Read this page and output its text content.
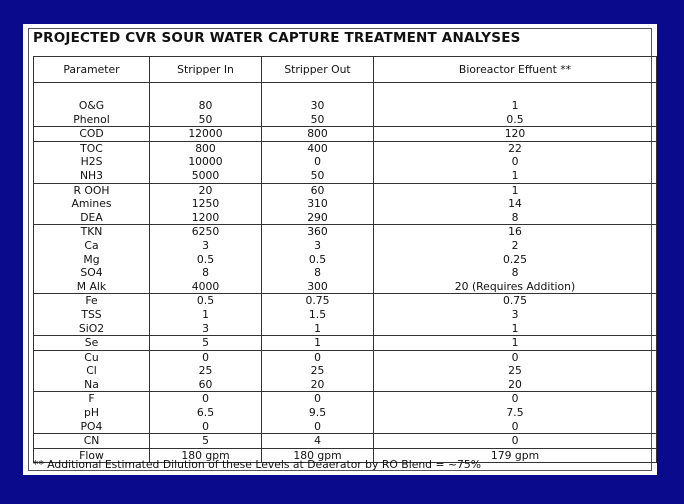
PROJECTED CVR SOUR WATER CAPTURE TREATMENT ANALYSES
Parameter	Stripper In	Stripper Out	Bioreactor Effuent **

O&G	80	30	1
Phenol	50	50	0.5
COD	12000	800	120
TOC	800	400	22
H2S	10000	0	0
NH3	5000	50	1
R OOH	20	60	1
Amines	1250	310	14
DEA	1200	290	8
TKN	6250	360	16
Ca	3	3	2
Mg	0.5	0.5	0.25
SO4	8	8	8
M Alk	4000	300	20 (Requires Addition)
Fe	0.5	0.75	0.75
TSS	1	1.5	3
SiO2	3	1	1
Se	5	1	1
Cu	0	0	0
Cl	25	25	25
Na	60	20	20
F	0	0	0
pH	6.5	9.5	7.5
PO4	0	0	0
CN	5	4	0
Flow	180 gpm	180 gpm	179 gpm
** Additional Estimated Dilution of these Levels at Deaerator by RO Blend = ~75%
